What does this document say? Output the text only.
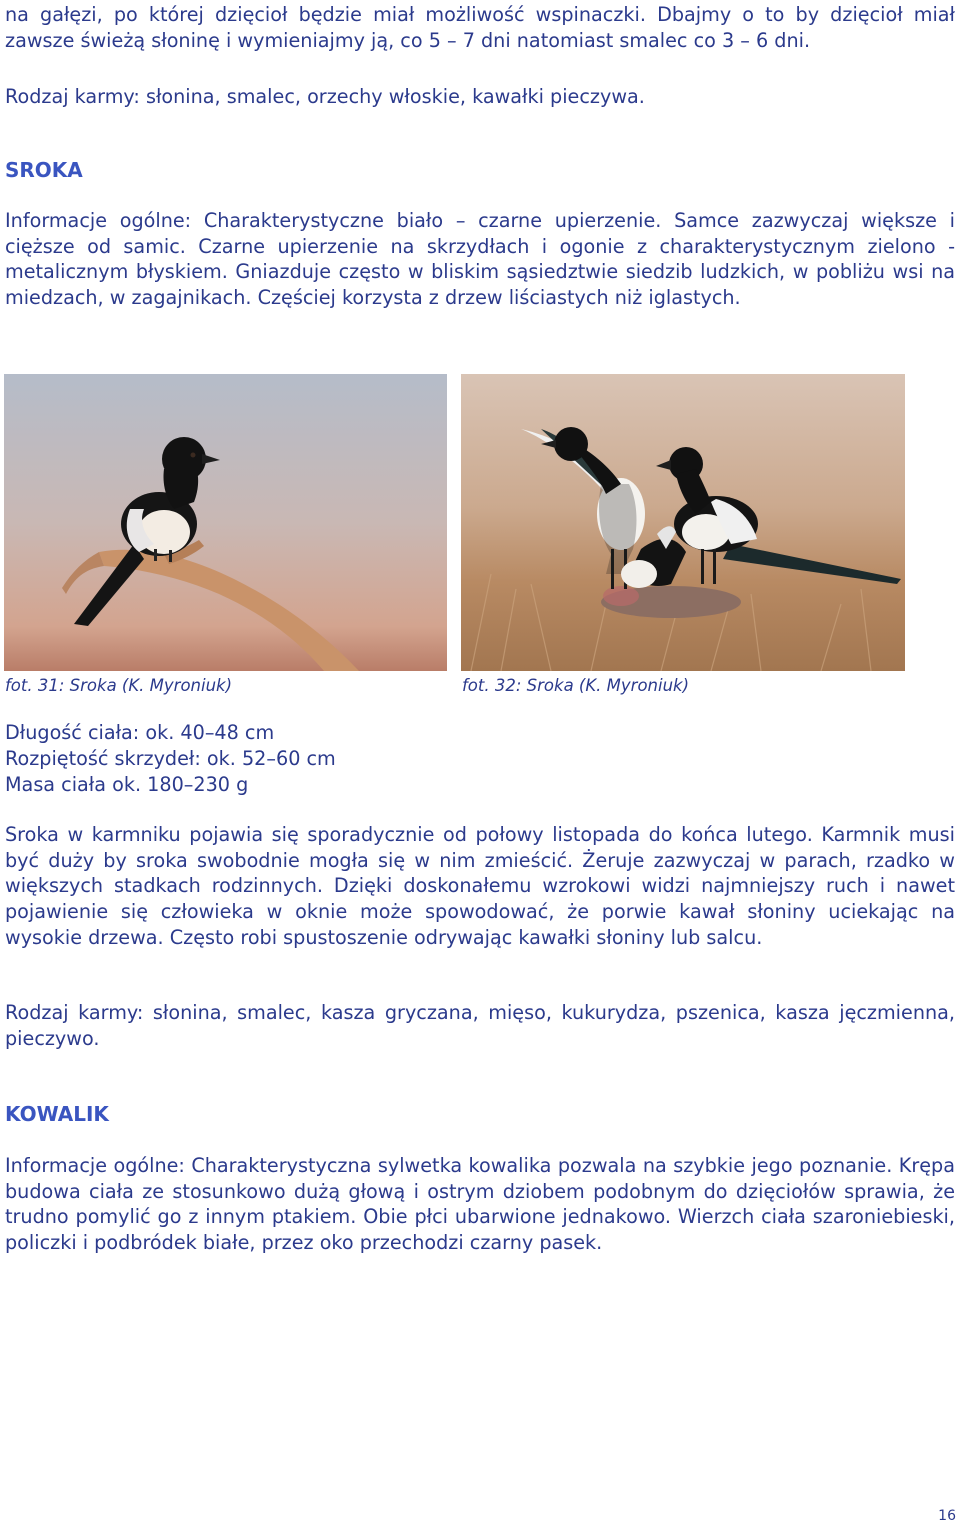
na gałęzi, po której dzięcioł będzie miał możliwość wspinaczki. Dbajmy o to by dzięcioł miał zawsze świeżą słoninę i wymieniajmy ją, co 5 – 7 dni natomiast smalec co 3 – 6 dni.

Rodzaj karmy: słonina, smalec, orzechy włoskie, kawałki pieczywa.

SROKA

Informacje ogólne: Charakterystyczne biało – czarne upierzenie. Samce zazwyczaj większe i cięższe od samic. Czarne upierzenie na skrzydłach i ogonie z charakterystycznym zielono - metalicznym błyskiem. Gniazduje często w bliskim sąsiedztwie siedzib ludzkich, w pobliżu wsi na miedzach, w zagajnikach. Częściej korzysta z drzew liściastych niż iglastych.

fot. 31: Sroka (K. Myroniuk)	fot. 32: Sroka (K. Myroniuk)
Długość ciała: ok. 40–48 cm
Rozpiętość skrzydeł: ok. 52–60 cm
Masa ciała ok. 180–230 g

Sroka w karmniku pojawia się sporadycznie od połowy listopada do końca lutego. Karmnik musi być duży by sroka swobodnie mogła się w nim zmieścić. Żeruje zazwyczaj w parach, rzadko w większych stadkach rodzinnych. Dzięki doskonałemu wzrokowi widzi najmniejszy ruch i nawet pojawienie się człowieka w oknie może spowodować, że porwie kawał słoniny uciekając na wysokie drzewa. Często robi spustoszenie odrywając kawałki słoniny lub salcu.

Rodzaj karmy: słonina, smalec, kasza gryczana, mięso, kukurydza, pszenica, kasza jęczmienna, pieczywo.

KOWALIK

Informacje ogólne: Charakterystyczna sylwetka kowalika pozwala na szybkie jego poznanie. Krępa budowa ciała ze stosunkowo dużą głową i ostrym dziobem podobnym do dzięciołów sprawia, że trudno pomylić go z innym ptakiem. Obie płci ubarwione jednakowo. Wierzch ciała szaroniebieski, policzki i podbródek białe, przez oko przechodzi czarny pasek.

16
